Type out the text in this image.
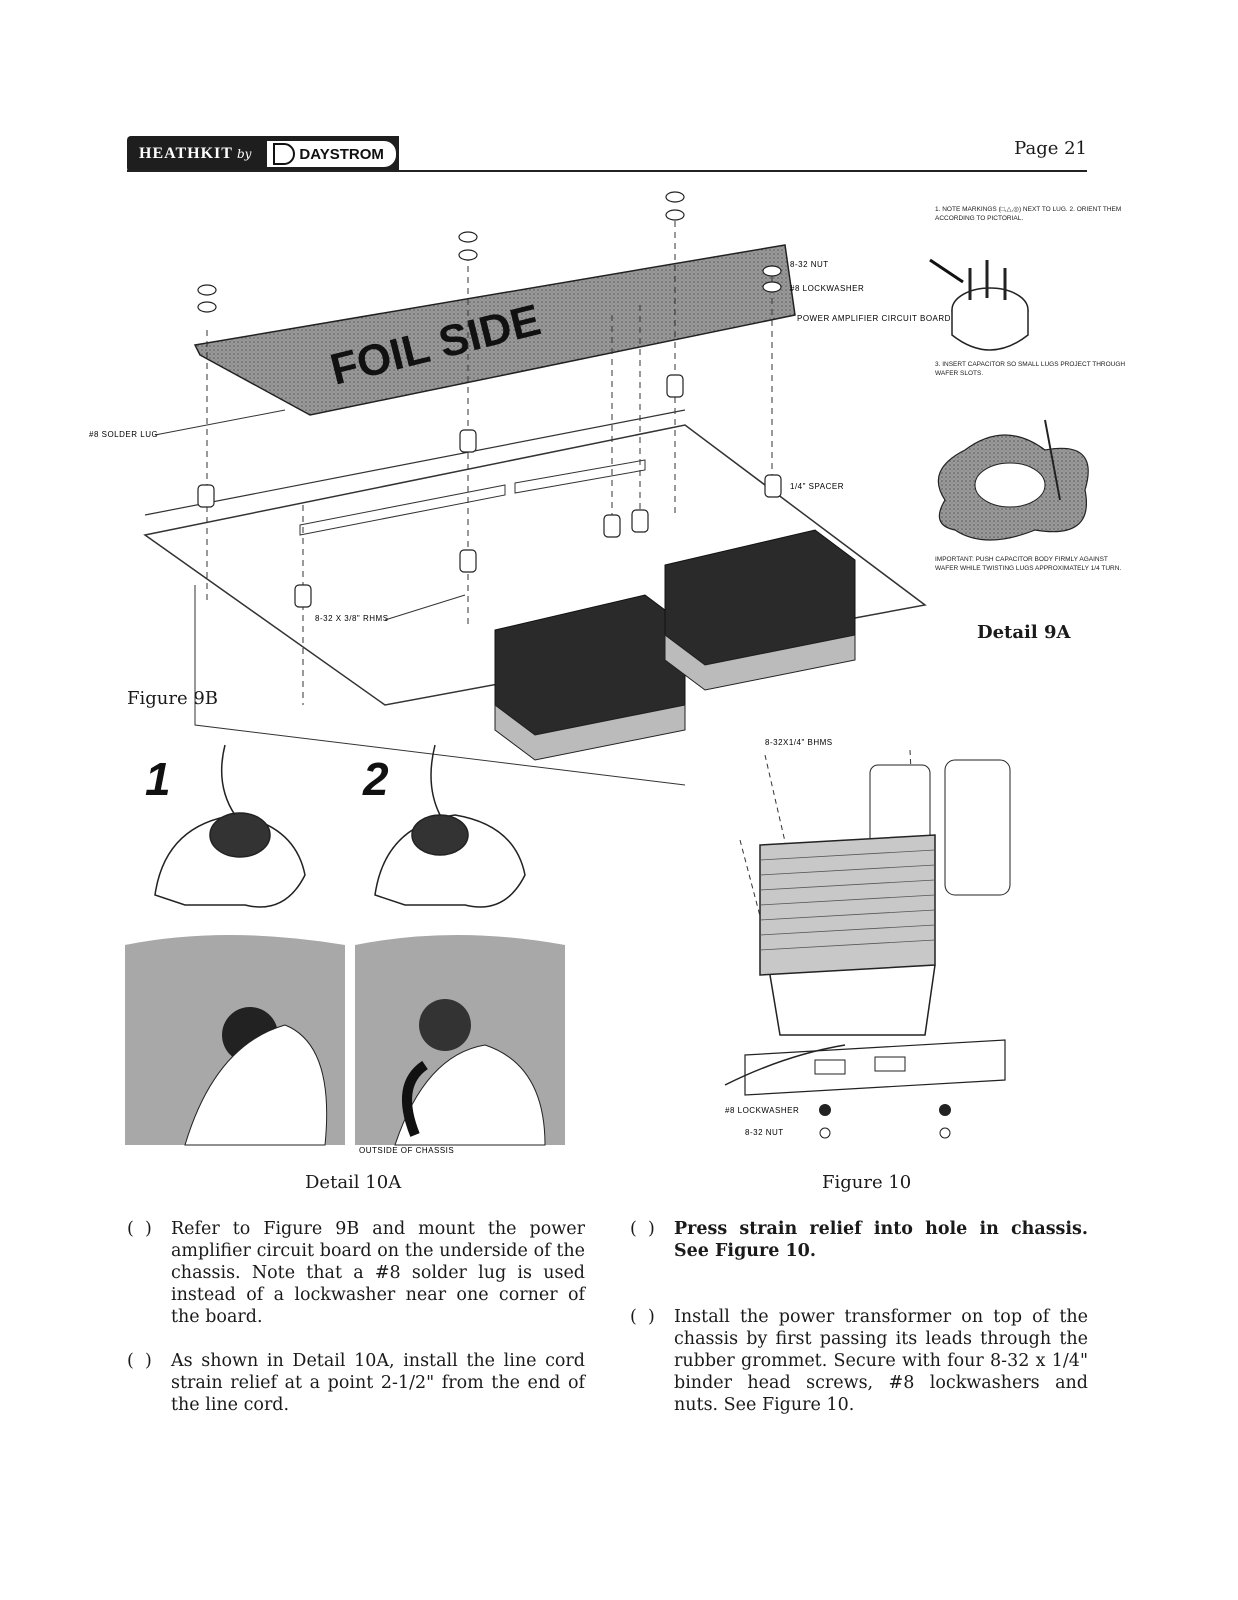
HEATHKIT by	DAYSTROM	Page 21
FOIL SIDE
8-32 NUT
#8 LOCKWASHER
POWER AMPLIFIER CIRCUIT BOARD
#8 SOLDER LUG
1/4" SPACER
8-32 X 3/8" RHMS
Figure 9B
1. NOTE MARKINGS (□,△,◎) NEXT TO LUG. 2. ORIENT THEM ACCORDING TO PICTORIAL.
3. INSERT CAPACITOR SO SMALL LUGS PROJECT THROUGH WAFER SLOTS.
IMPORTANT: PUSH CAPACITOR BODY FIRMLY AGAINST WAFER WHILE TWISTING LUGS APPROXIMATELY 1/4 TURN.
Detail 9A
1	2
OUTSIDE OF CHASSIS
Detail 10A
8-32X1/4" BHMS
#8 LOCKWASHER
8-32 NUT
Figure 10
(  ) Refer to Figure 9B and mount the power amplifier circuit board on the underside of the chassis. Note that a #8 solder lug is used instead of a lockwasher near one corner of the board.
(  ) As shown in Detail 10A, install the line cord strain relief at a point 2-1/2" from the end of the line cord.
(  ) Press strain relief into hole in chassis. See Figure 10.
(  ) Install the power transformer on top of the chassis by first passing its leads through the rubber grommet. Secure with four 8-32 x 1/4" binder head screws, #8 lockwashers and nuts. See Figure 10.
